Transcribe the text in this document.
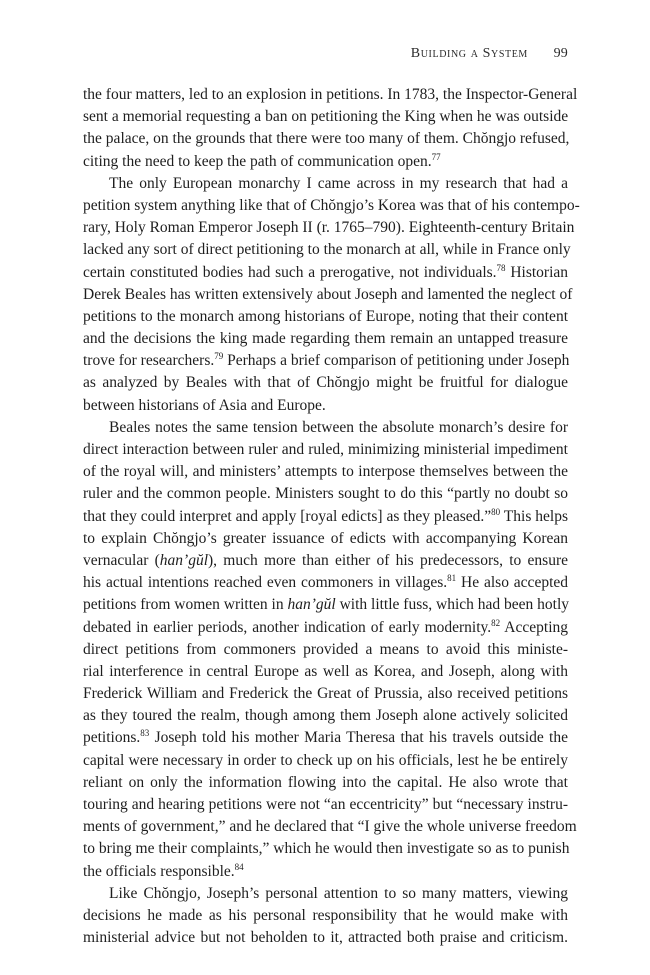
Building a System 99
the four matters, led to an explosion in petitions. In 1783, the Inspector-General
sent a memorial requesting a ban on petitioning the King when he was outside
the palace, on the grounds that there were too many of them. Chŏngjo refused,
citing the need to keep the path of communication open.$^{77}$
The only European monarchy I came across in my research that had a
petition system anything like that of Chŏngjo’s Korea was that of his contempo-
rary, Holy Roman Emperor Joseph II (r. 1765–790). Eighteenth-century Britain
lacked any sort of direct petitioning to the monarch at all, while in France only
certain constituted bodies had such a prerogative, not individuals.$^{78}$ Historian
Derek Beales has written extensively about Joseph and lamented the neglect of
petitions to the monarch among historians of Europe, noting that their content
and the decisions the king made regarding them remain an untapped treasure
trove for researchers.$^{79}$ Perhaps a brief comparison of petitioning under Joseph
as analyzed by Beales with that of Chŏngjo might be fruitful for dialogue
between historians of Asia and Europe.
Beales notes the same tension between the absolute monarch’s desire for
direct interaction between ruler and ruled, minimizing ministerial impediment
of the royal will, and ministers’ attempts to interpose themselves between the
ruler and the common people. Ministers sought to do this “partly no doubt so
that they could interpret and apply [royal edicts] as they pleased.”$^{80}$ This helps
to explain Chŏngjo’s greater issuance of edicts with accompanying Korean
vernacular (han’gŭl), much more than either of his predecessors, to ensure
his actual intentions reached even commoners in villages.$^{81}$ He also accepted
petitions from women written in han’gŭl with little fuss, which had been hotly
debated in earlier periods, another indication of early modernity.$^{82}$ Accepting
direct petitions from commoners provided a means to avoid this ministe-
rial interference in central Europe as well as Korea, and Joseph, along with
Frederick William and Frederick the Great of Prussia, also received petitions
as they toured the realm, though among them Joseph alone actively solicited
petitions.$^{83}$ Joseph told his mother Maria Theresa that his travels outside the
capital were necessary in order to check up on his officials, lest he be entirely
reliant on only the information flowing into the capital. He also wrote that
touring and hearing petitions were not “an eccentricity” but “necessary instru-
ments of government,” and he declared that “I give the whole universe freedom
to bring me their complaints,” which he would then investigate so as to punish
the officials responsible.$^{84}$
Like Chŏngjo, Joseph’s personal attention to so many matters, viewing
decisions he made as his personal responsibility that he would make with
ministerial advice but not beholden to it, attracted both praise and criticism.
